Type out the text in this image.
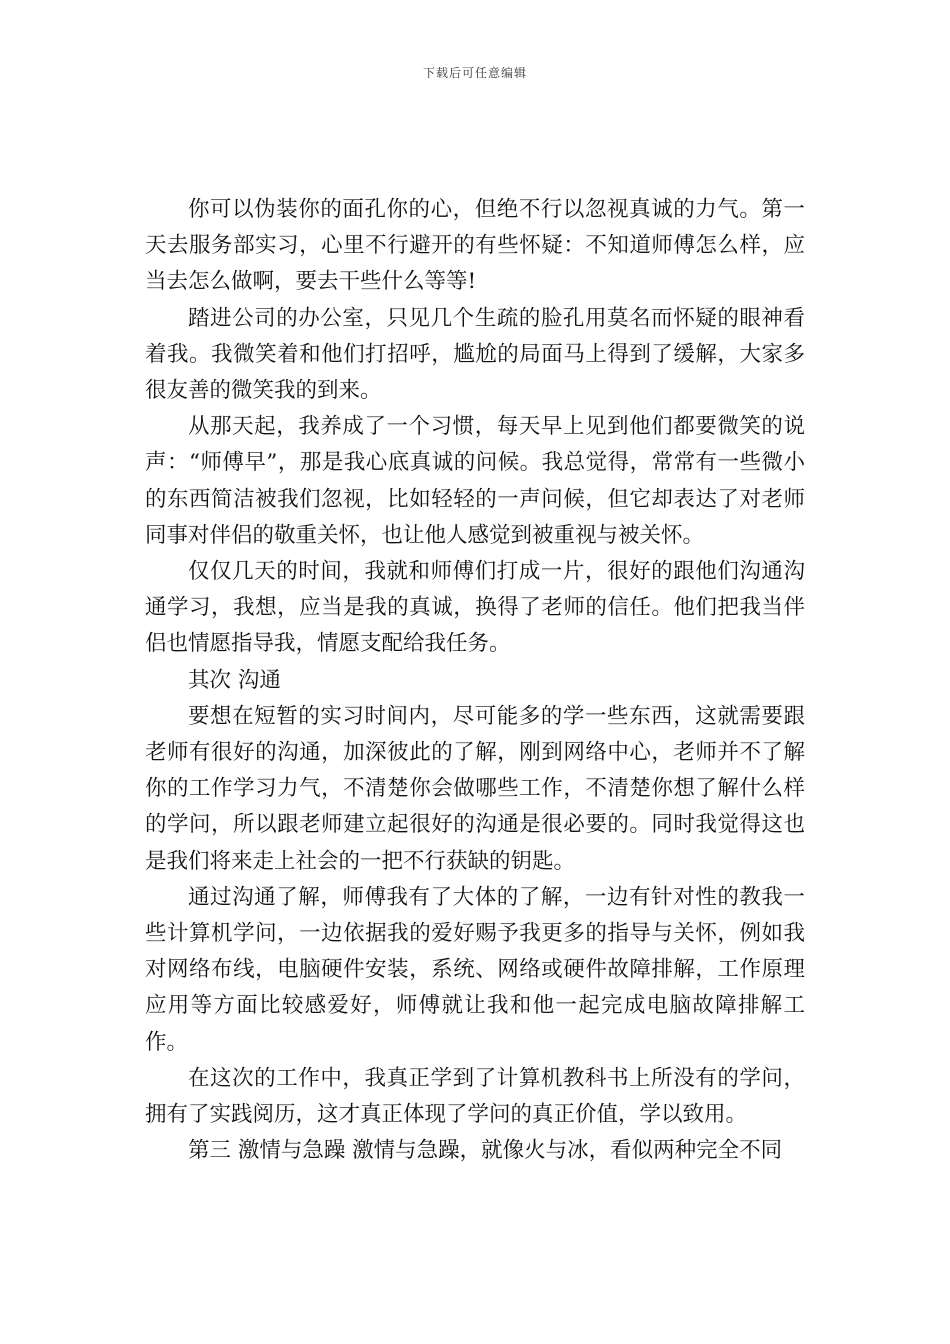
下载后可任意编辑

你可以伪装你的面孔你的心，但绝不行以忽视真诚的力气。第一天去服务部实习，心里不行避开的有些怀疑：不知道师傅怎么样，应当去怎么做啊，要去干些什么等等!

踏进公司的办公室，只见几个生疏的脸孔用莫名而怀疑的眼神看着我。我微笑着和他们打招呼，尴尬的局面马上得到了缓解，大家多很友善的微笑我的到来。

从那天起，我养成了一个习惯，每天早上见到他们都要微笑的说声：“师傅早”，那是我心底真诚的问候。我总觉得，常常有一些微小的东西简洁被我们忽视，比如轻轻的一声问候，但它却表达了对老师同事对伴侣的敬重关怀，也让他人感觉到被重视与被关怀。

仅仅几天的时间，我就和师傅们打成一片，很好的跟他们沟通沟通学习，我想，应当是我的真诚，换得了老师的信任。他们把我当伴侣也情愿指导我，情愿支配给我任务。

其次 沟通

要想在短暂的实习时间内，尽可能多的学一些东西，这就需要跟老师有很好的沟通，加深彼此的了解，刚到网络中心，老师并不了解你的工作学习力气，不清楚你会做哪些工作，不清楚你想了解什么样的学问，所以跟老师建立起很好的沟通是很必要的。同时我觉得这也是我们将来走上社会的一把不行获缺的钥匙。

通过沟通了解，师傅我有了大体的了解，一边有针对性的教我一些计算机学问，一边依据我的爱好赐予我更多的指导与关怀，例如我对网络布线，电脑硬件安装，系统、网络或硬件故障排解，工作原理应用等方面比较感爱好，师傅就让我和他一起完成电脑故障排解工作。

在这次的工作中，我真正学到了计算机教科书上所没有的学问，拥有了实践阅历，这才真正体现了学问的真正价值，学以致用。

第三 激情与急躁 激情与急躁，就像火与冰，看似两种完全不同
